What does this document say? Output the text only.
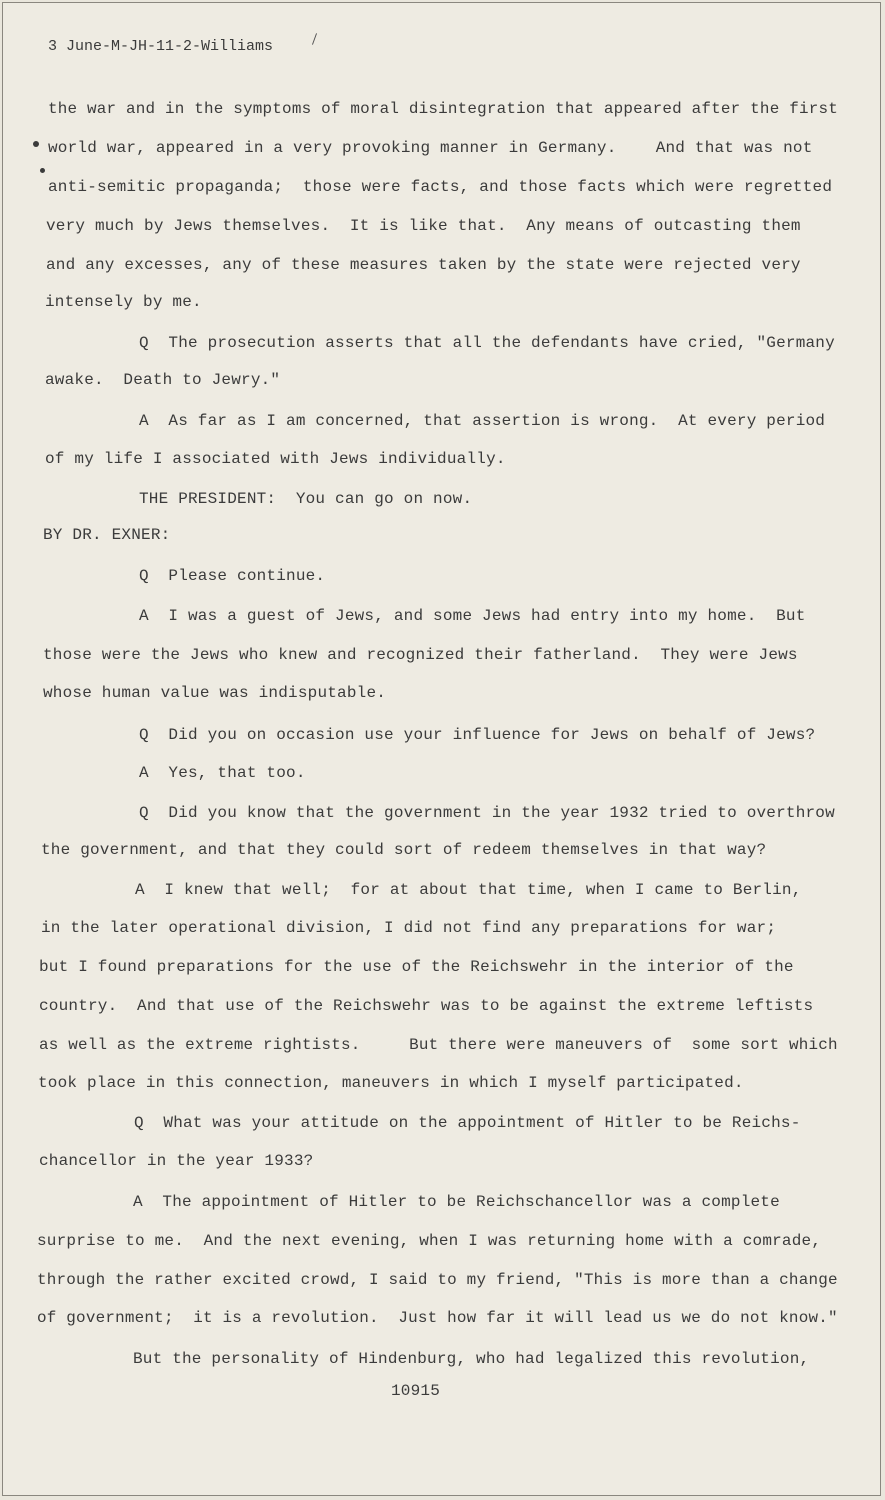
3 June-M-JH-11-2-Williams

the war and in the symptoms of moral disintegration that appeared after the first

world war, appeared in a very provoking manner in Germany.    And that was not

anti-semitic propaganda;  those were facts, and those facts which were regretted

very much by Jews themselves.  It is like that.  Any means of outcasting them

and any excesses, any of these measures taken by the state were rejected very

intensely by me.

Q  The prosecution asserts that all the defendants have cried, "Germany

awake.  Death to Jewry."

A  As far as I am concerned, that assertion is wrong.  At every period

of my life I associated with Jews individually.

THE PRESIDENT:  You can go on now.

BY DR. EXNER:

Q  Please continue.

A  I was a guest of Jews, and some Jews had entry into my home.  But

those were the Jews who knew and recognized their fatherland.  They were Jews

whose human value was indisputable.

Q  Did you on occasion use your influence for Jews on behalf of Jews?

A  Yes, that too.

Q  Did you know that the government in the year 1932 tried to overthrow

the government, and that they could sort of redeem themselves in that way?

A  I knew that well;  for at about that time, when I came to Berlin,

in the later operational division, I did not find any preparations for war;

but I found preparations for the use of the Reichswehr in the interior of the

country.  And that use of the Reichswehr was to be against the extreme leftists

as well as the extreme rightists.     But there were maneuvers of  some sort which

took place in this connection, maneuvers in which I myself participated.

Q  What was your attitude on the appointment of Hitler to be Reichs-

chancellor in the year 1933?

A  The appointment of Hitler to be Reichschancellor was a complete

surprise to me.  And the next evening, when I was returning home with a comrade,

through the rather excited crowd, I said to my friend, "This is more than a change

of government;  it is a revolution.  Just how far it will lead us we do not know."

But the personality of Hindenburg, who had legalized this revolution,

10915
